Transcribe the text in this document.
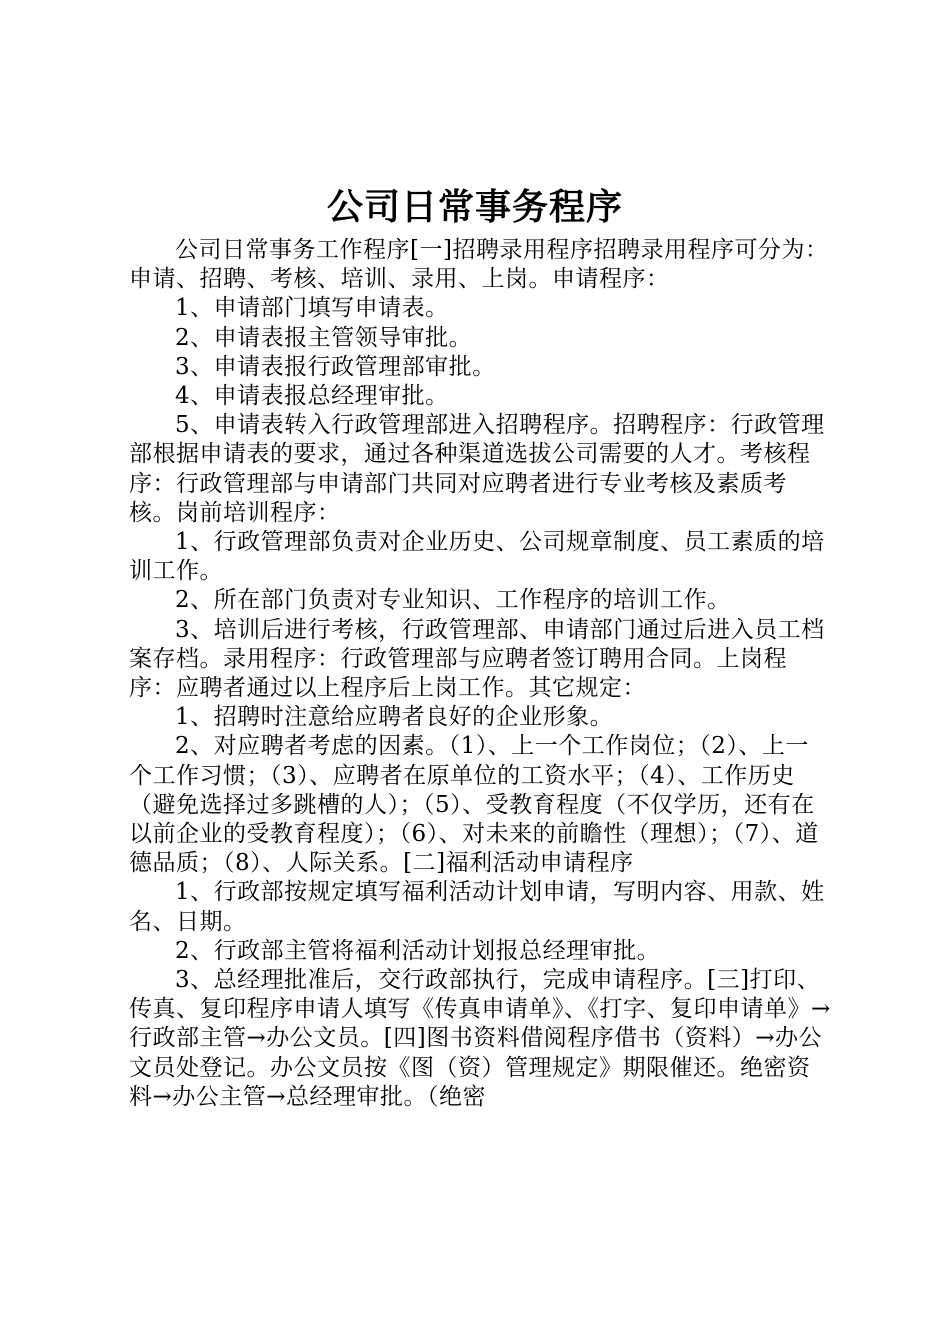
公司日常事务程序

公司日常事务工作程序[一]招聘录用程序招聘录用程序可分为：申请、招聘、考核、培训、录用、上岗。申请程序：

1、申请部门填写申请表。

2、申请表报主管领导审批。

3、申请表报行政管理部审批。

4、申请表报总经理审批。

5、申请表转入行政管理部进入招聘程序。招聘程序：行政管理部根据申请表的要求，通过各种渠道选拔公司需要的人才。考核程序：行政管理部与申请部门共同对应聘者进行专业考核及素质考核。岗前培训程序：

1、行政管理部负责对企业历史、公司规章制度、员工素质的培训工作。

2、所在部门负责对专业知识、工作程序的培训工作。

3、培训后进行考核，行政管理部、申请部门通过后进入员工档案存档。录用程序：行政管理部与应聘者签订聘用合同。上岗程序：应聘者通过以上程序后上岗工作。其它规定：

1、招聘时注意给应聘者良好的企业形象。

2、对应聘者考虑的因素。（1）、上一个工作岗位；（2）、上一个工作习惯；（3）、应聘者在原单位的工资水平；（4）、工作历史（避免选择过多跳槽的人）；（5）、受教育程度（不仅学历，还有在以前企业的受教育程度）；（6）、对未来的前瞻性（理想）；（7）、道德品质；（8）、人际关系。[二]福利活动申请程序

1、行政部按规定填写福利活动计划申请，写明内容、用款、姓名、日期。

2、行政部主管将福利活动计划报总经理审批。

3、总经理批准后，交行政部执行，完成申请程序。[三]打印、传真、复印程序申请人填写《传真申请单》、《打字、复印申请单》→行政部主管→办公文员。[四]图书资料借阅程序借书（资料）→办公文员处登记。办公文员按《图（资）管理规定》期限催还。绝密资料→办公主管→总经理审批。（绝密
